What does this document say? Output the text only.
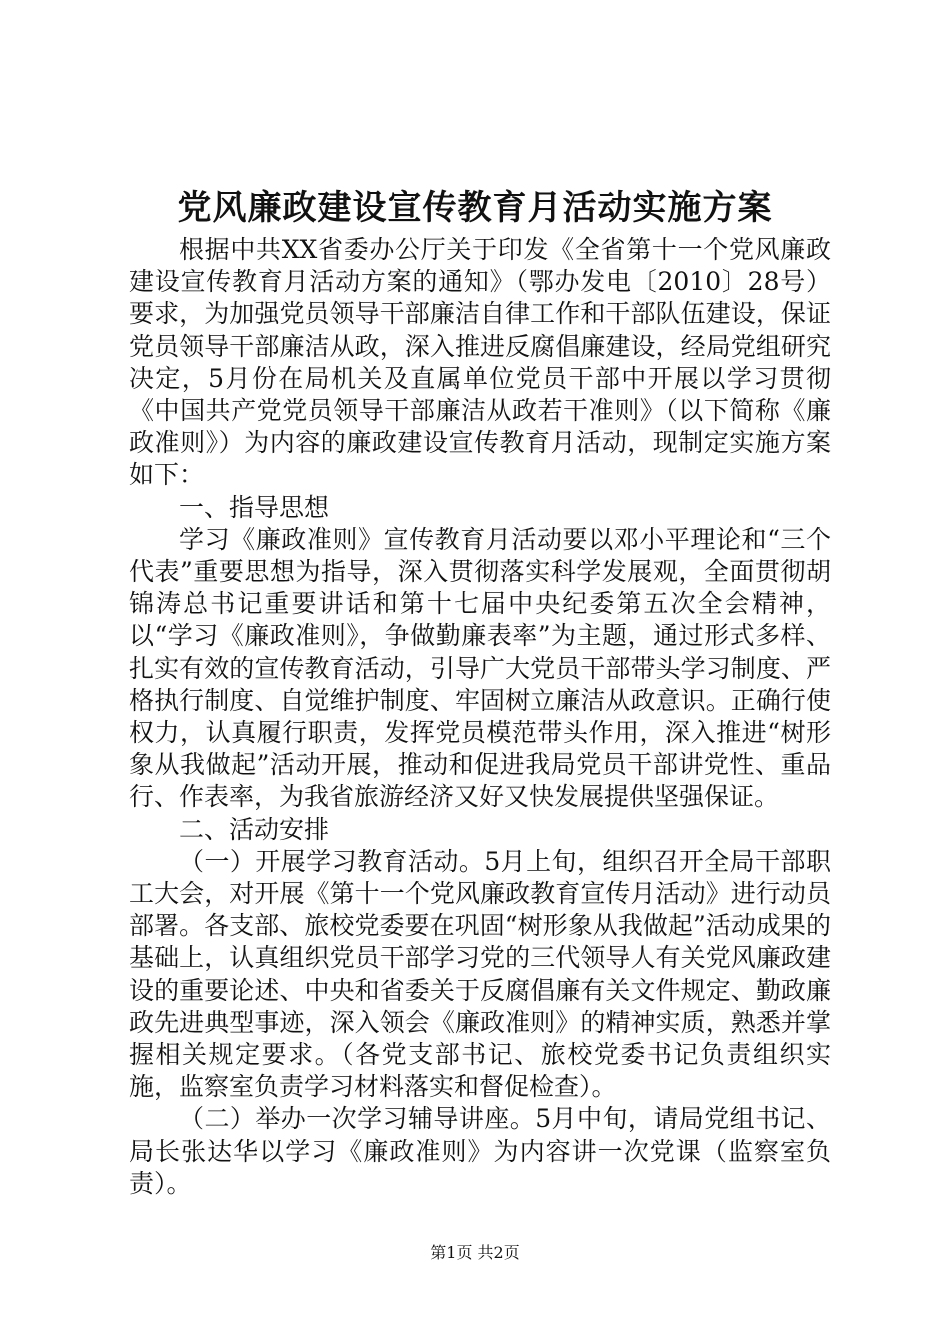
党风廉政建设宣传教育月活动实施方案

根据中共XX省委办公厅关于印发《全省第十一个党风廉政建设宣传教育月活动方案的通知》（鄂办发电〔2010〕28号）要求，为加强党员领导干部廉洁自律工作和干部队伍建设，保证党员领导干部廉洁从政，深入推进反腐倡廉建设，经局党组研究决定，5月份在局机关及直属单位党员干部中开展以学习贯彻《中国共产党党员领导干部廉洁从政若干准则》（以下简称《廉政准则》）为内容的廉政建设宣传教育月活动，现制定实施方案如下：

一、指导思想

学习《廉政准则》宣传教育月活动要以邓小平理论和“三个代表”重要思想为指导，深入贯彻落实科学发展观，全面贯彻胡锦涛总书记重要讲话和第十七届中央纪委第五次全会精神，以“学习《廉政准则》，争做勤廉表率”为主题，通过形式多样、扎实有效的宣传教育活动，引导广大党员干部带头学习制度、严格执行制度、自觉维护制度、牢固树立廉洁从政意识。正确行使权力，认真履行职责，发挥党员模范带头作用，深入推进“树形象从我做起”活动开展，推动和促进我局党员干部讲党性、重品行、作表率，为我省旅游经济又好又快发展提供坚强保证。

二、活动安排

（一）开展学习教育活动。5月上旬，组织召开全局干部职工大会，对开展《第十一个党风廉政教育宣传月活动》进行动员部署。各支部、旅校党委要在巩固“树形象从我做起”活动成果的基础上，认真组织党员干部学习党的三代领导人有关党风廉政建设的重要论述、中央和省委关于反腐倡廉有关文件规定、勤政廉政先进典型事迹，深入领会《廉政准则》的精神实质，熟悉并掌握相关规定要求。（各党支部书记、旅校党委书记负责组织实施，监察室负责学习材料落实和督促检查）。

（二）举办一次学习辅导讲座。5月中旬，请局党组书记、局长张达华以学习《廉政准则》为内容讲一次党课（监察室负责）。

第1页 共2页
